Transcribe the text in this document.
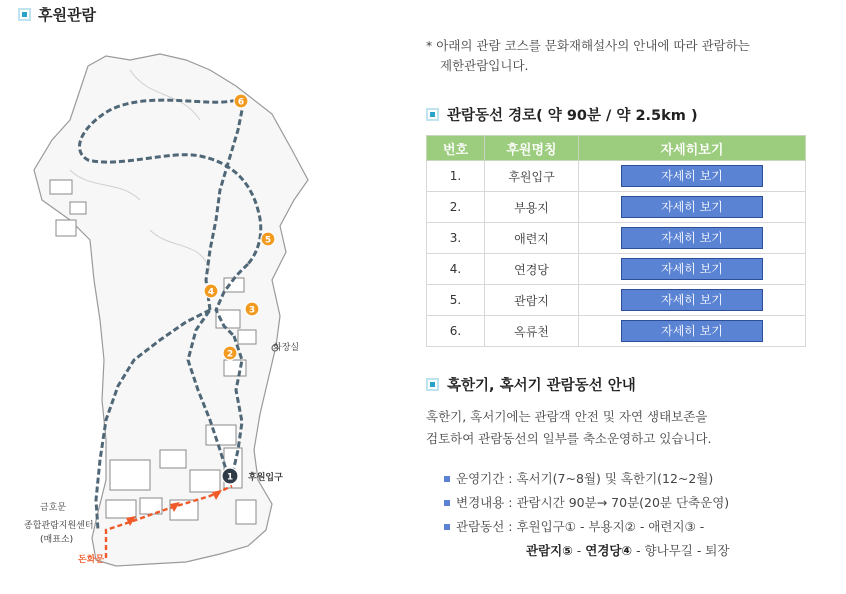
후원관람
6
5
4
3
2
1 후원입구
화장실
금호문
종합관람지원센터
(매표소)
돈화문
* 아래의 관람 코스를 문화재해설사의 안내에 따라 관람하는
제한관람입니다.
관람동선 경로( 약 90분 / 약 2.5km )
번호	후원명칭	자세히보기
1.	후원입구	자세히 보기
2.	부용지	자세히 보기
3.	애련지	자세히 보기
4.	연경당	자세히 보기
5.	관람지	자세히 보기
6.	옥류천	자세히 보기
혹한기, 혹서기 관람동선 안내
혹한기, 혹서기에는 관람객 안전 및 자연 생태보존을
검토하여 관람동선의 일부를 축소운영하고 있습니다.
운영기간 : 혹서기(7~8월) 및 혹한기(12~2월)
변경내용 : 관람시간 90분→ 70분(20분 단축운영)
관람동선 : 후원입구① - 부용지② - 애련지③ -
관람지⑤ - 연경당④ - 향나무길 - 퇴장
